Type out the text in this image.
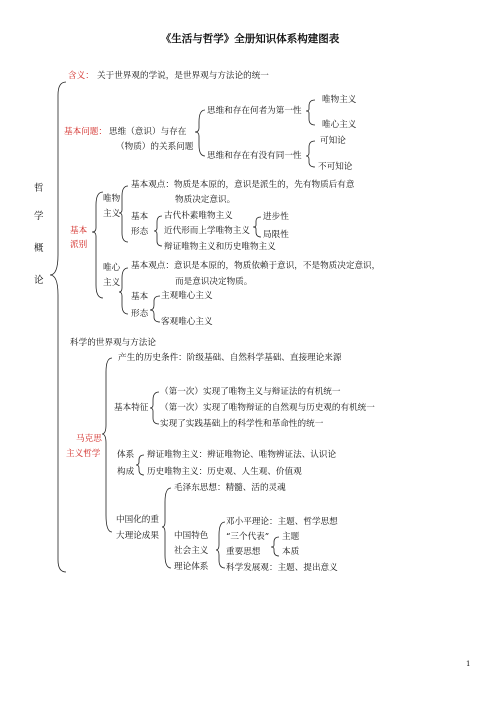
《生活与哲学》全册知识体系构建图表
哲
学
概
论
含义： 关于世界观的学说，是世界观与方法论的统一
基本问题： 思维（意识）与存在
（物质）的关系问题
思维和存在何者为第一性
唯物主义
唯心主义
思维和存在有没有同一性
可知论
不可知论
基本
派别
唯物
主义
基本观点：物质是本原的，意识是派生的，先有物质后有意
物质决定意识。
基本
形态
古代朴素唯物主义
近代形而上学唯物主义
辩证唯物主义和历史唯物主义
进步性
局限性
唯心
主义
基本观点：意识是本原的，物质依赖于意识，不是物质决定意识，
而是意识决定物质。
基本
形态
主观唯心主义
客观唯心主义
科学的世界观与方法论
马克思
主义哲学
产生的历史条件：阶级基础、自然科学基础、直接理论来源
基本特征
（第一次）实现了唯物主义与辩证法的有机统一
（第一次）实现了唯物辩证的自然观与历史观的有机统一
实现了实践基础上的科学性和革命性的统一
体系
构成
辩证唯物主义：辨证唯物论、唯物辨证法、认识论
历史唯物主义：历史观、人生观、价值观
中国化的重
大理论成果
毛泽东思想：精髓、活的灵魂
中国特色
社会主义
理论体系
邓小平理论：主题、哲学思想
“三个代表”
重要思想
主题
本质
科学发展观：主题、提出意义
1
